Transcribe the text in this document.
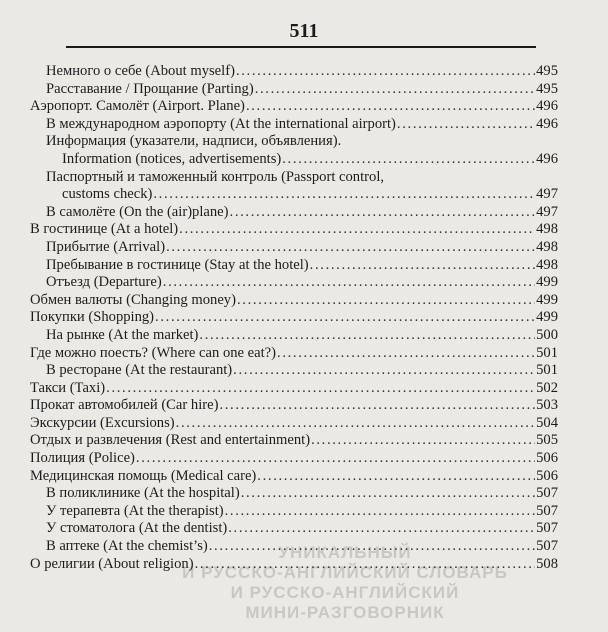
УНИКАЛЬНЫЙ
И РУССКО-АНГЛИЙСКИЙ СЛОВАРЬ
И РУССКО-АНГЛИЙСКИЙ
МИНИ-РАЗГОВОРНИК
511
Немного о себе (About myself) . . .	495
Расставание / Прощание (Parting) . . .	495
Аэропорт. Самолёт (Airport. Plane) . . .	496
В международном аэропорту (At the international airport) . . .	496
Информация (указатели, надписи, объявления).
Information (notices, advertisements) . . .	496
Паспортный и таможенный контроль (Passport control,
customs check) . . .	497
В самолёте (On the (air)plane) . . .	497
В гостинице (At a hotel) . . .	498
Прибытие (Arrival) . . .	498
Пребывание в гостинице (Stay at the hotel) . . .	498
Отъезд (Departure) . . .	499
Обмен валюты (Changing money) . . .	499
Покупки (Shopping) . . .	499
На рынке (At the market) . . .	500
Где можно поесть? (Where can one eat?) . . .	501
В ресторане (At the restaurant) . . .	501
Такси (Taxi) . . .	502
Прокат автомобилей (Car hire) . . .	503
Экскурсии (Excursions) . . .	504
Отдых и развлечения (Rest and entertainment) . . .	505
Полиция (Police) . . .	506
Медицинская помощь (Medical care) . . .	506
В поликлинике (At the hospital) . . .	507
У терапевта (At the therapist) . . .	507
У стоматолога (At the dentist) . . .	507
В аптеке (At the chemist’s) . . .	507
О религии (About religion) . . .	508
